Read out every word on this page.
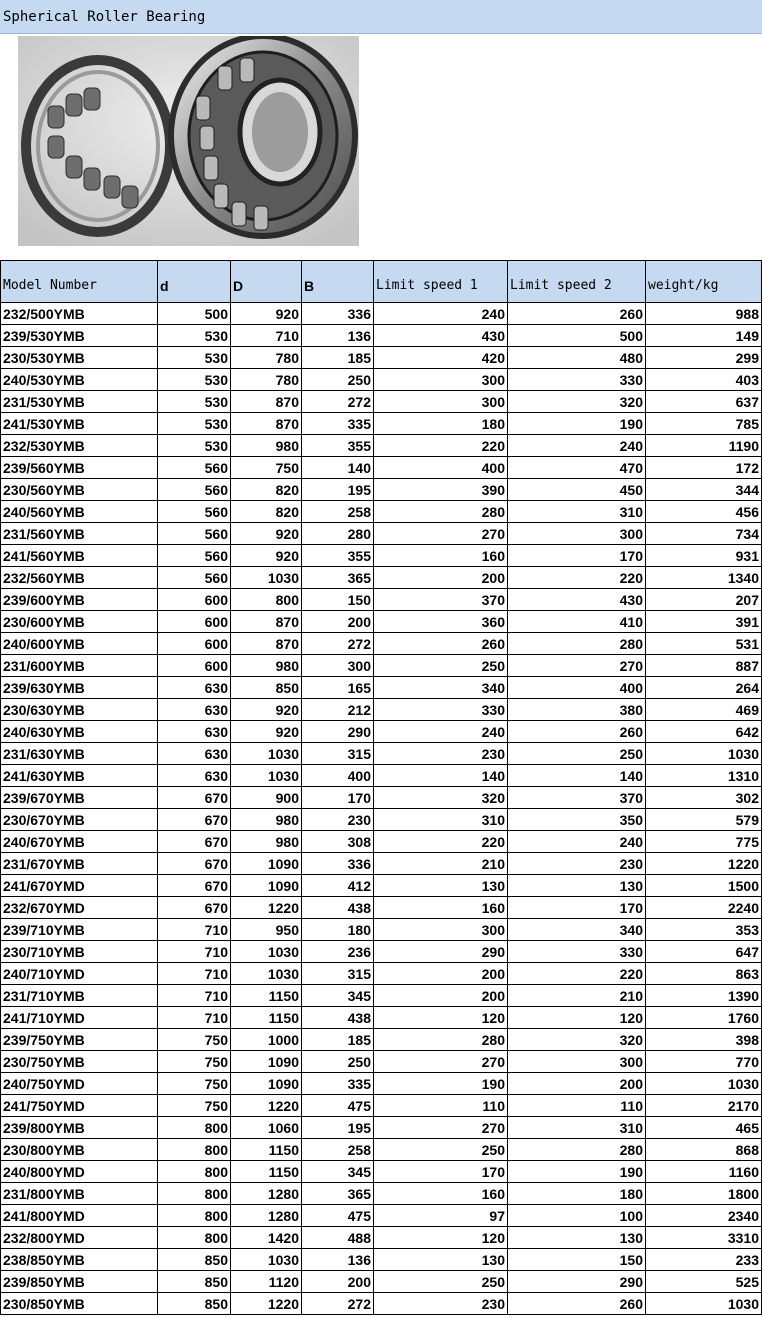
Spherical Roller Bearing
Model Number	d	D	B	Limit speed 1	Limit speed 2	weight/kg
232/500YMB	500	920	336	240	260	988
239/530YMB	530	710	136	430	500	149
230/530YMB	530	780	185	420	480	299
240/530YMB	530	780	250	300	330	403
231/530YMB	530	870	272	300	320	637
241/530YMB	530	870	335	180	190	785
232/530YMB	530	980	355	220	240	1190
239/560YMB	560	750	140	400	470	172
230/560YMB	560	820	195	390	450	344
240/560YMB	560	820	258	280	310	456
231/560YMB	560	920	280	270	300	734
241/560YMB	560	920	355	160	170	931
232/560YMB	560	1030	365	200	220	1340
239/600YMB	600	800	150	370	430	207
230/600YMB	600	870	200	360	410	391
240/600YMB	600	870	272	260	280	531
231/600YMB	600	980	300	250	270	887
239/630YMB	630	850	165	340	400	264
230/630YMB	630	920	212	330	380	469
240/630YMB	630	920	290	240	260	642
231/630YMB	630	1030	315	230	250	1030
241/630YMB	630	1030	400	140	140	1310
239/670YMB	670	900	170	320	370	302
230/670YMB	670	980	230	310	350	579
240/670YMB	670	980	308	220	240	775
231/670YMB	670	1090	336	210	230	1220
241/670YMD	670	1090	412	130	130	1500
232/670YMD	670	1220	438	160	170	2240
239/710YMB	710	950	180	300	340	353
230/710YMB	710	1030	236	290	330	647
240/710YMD	710	1030	315	200	220	863
231/710YMB	710	1150	345	200	210	1390
241/710YMD	710	1150	438	120	120	1760
239/750YMB	750	1000	185	280	320	398
230/750YMB	750	1090	250	270	300	770
240/750YMD	750	1090	335	190	200	1030
241/750YMD	750	1220	475	110	110	2170
239/800YMB	800	1060	195	270	310	465
230/800YMB	800	1150	258	250	280	868
240/800YMD	800	1150	345	170	190	1160
231/800YMB	800	1280	365	160	180	1800
241/800YMD	800	1280	475	97	100	2340
232/800YMD	800	1420	488	120	130	3310
238/850YMB	850	1030	136	130	150	233
239/850YMB	850	1120	200	250	290	525
230/850YMB	850	1220	272	230	260	1030
